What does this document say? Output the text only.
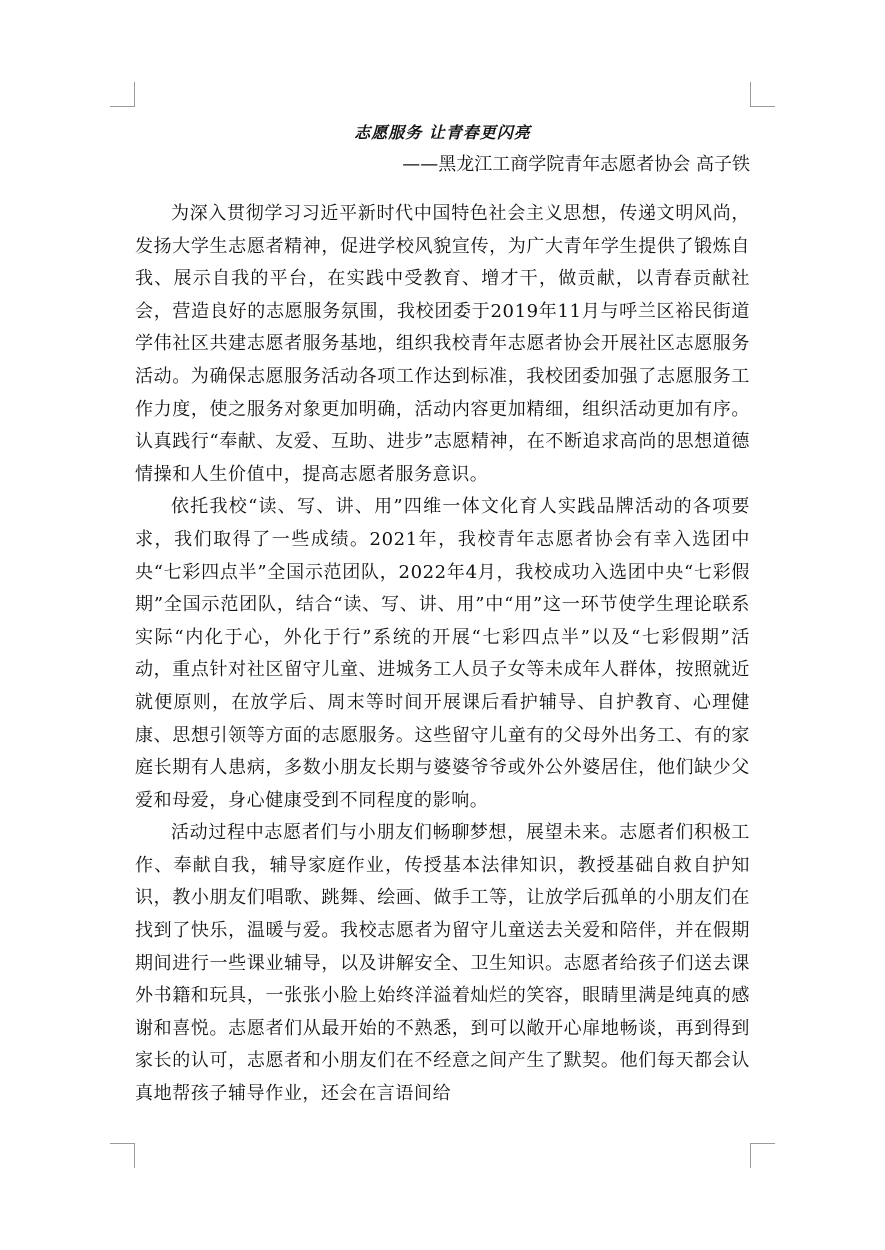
志愿服务 让青春更闪亮

——黑龙江工商学院青年志愿者协会 高子铁

为深入贯彻学习习近平新时代中国特色社会主义思想，传递文明风尚，发扬大学生志愿者精神，促进学校风貌宣传，为广大青年学生提供了锻炼自我、展示自我的平台，在实践中受教育、增才干，做贡献，以青春贡献社会，营造良好的志愿服务氛围，我校团委于2019年11月与呼兰区裕民街道学伟社区共建志愿者服务基地，组织我校青年志愿者协会开展社区志愿服务活动。为确保志愿服务活动各项工作达到标准，我校团委加强了志愿服务工作力度，使之服务对象更加明确，活动内容更加精细，组织活动更加有序。认真践行“奉献、友爱、互助、进步”志愿精神，在不断追求高尚的思想道德情操和人生价值中，提高志愿者服务意识。

依托我校“读、写、讲、用”四维一体文化育人实践品牌活动的各项要求，我们取得了一些成绩。2021年，我校青年志愿者协会有幸入选团中央“七彩四点半”全国示范团队，2022年4月，我校成功入选团中央“七彩假期”全国示范团队，结合“读、写、讲、用”中“用”这一环节使学生理论联系实际“内化于心，外化于行”系统的开展“七彩四点半”以及“七彩假期”活动，重点针对社区留守儿童、进城务工人员子女等未成年人群体，按照就近就便原则，在放学后、周末等时间开展课后看护辅导、自护教育、心理健康、思想引领等方面的志愿服务。这些留守儿童有的父母外出务工、有的家庭长期有人患病，多数小朋友长期与婆婆爷爷或外公外婆居住，他们缺少父爱和母爱，身心健康受到不同程度的影响。

活动过程中志愿者们与小朋友们畅聊梦想，展望未来。志愿者们积极工作、奉献自我，辅导家庭作业，传授基本法律知识，教授基础自救自护知识，教小朋友们唱歌、跳舞、绘画、做手工等，让放学后孤单的小朋友们在找到了快乐，温暖与爱。我校志愿者为留守儿童送去关爱和陪伴，并在假期期间进行一些课业辅导，以及讲解安全、卫生知识。志愿者给孩子们送去课外书籍和玩具，一张张小脸上始终洋溢着灿烂的笑容，眼睛里满是纯真的感谢和喜悦。志愿者们从最开始的不熟悉，到可以敞开心扉地畅谈，再到得到家长的认可，志愿者和小朋友们在不经意之间产生了默契。他们每天都会认真地帮孩子辅导作业，还会在言语间给
